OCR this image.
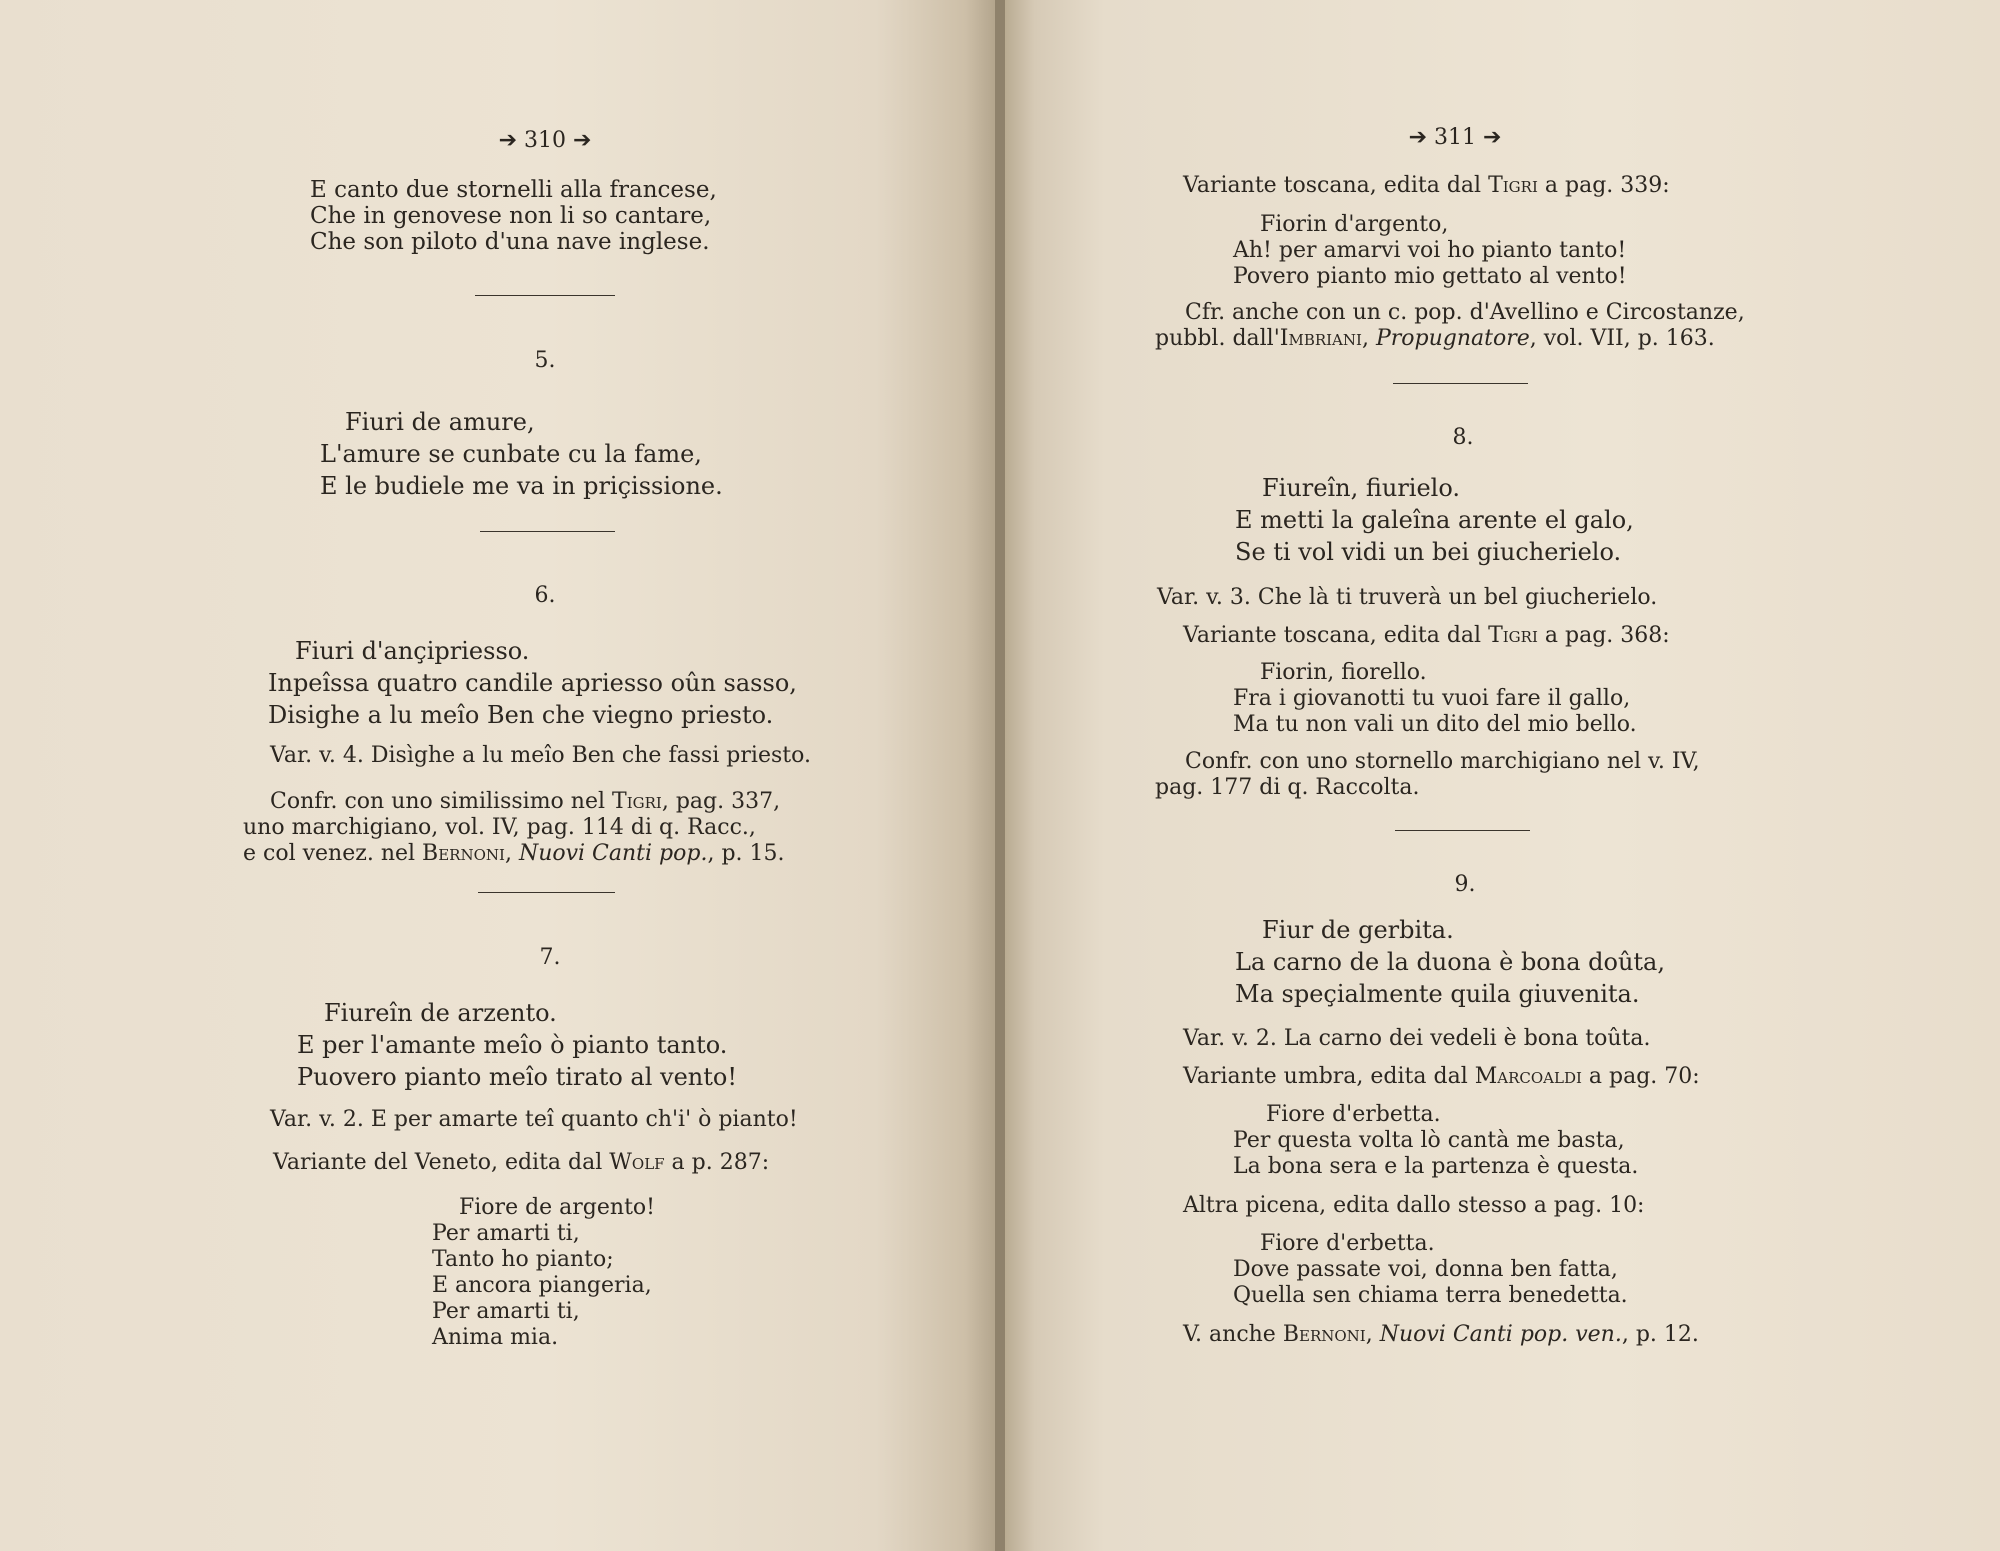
➔ 310 ➔
E canto due stornelli alla francese,
Che in genovese non li so cantare,
Che son piloto d'una nave inglese.
5.
Fiuri de amure,
L'amure se cunbate cu la fame,
E le budiele me va in priçissione.
6.
Fiuri d'ançipriesso.
Inpeîssa quatro candile apriesso oûn sasso,
Disighe a lu meîo Ben che viegno priesto.
Var. v. 4. Disìghe a lu meîo Ben che fassi priesto.
Confr. con uno similissimo nel Tigri, pag. 337,
uno marchigiano, vol. IV, pag. 114 di q. Racc.,
e col venez. nel Bernoni, Nuovi Canti pop., p. 15.
7.
Fiureîn de arzento.
E per l'amante meîo ò pianto tanto.
Puovero pianto meîo tirato al vento!
Var. v. 2. E per amarte teî quanto ch'i' ò pianto!
Variante del Veneto, edita dal Wolf a p. 287:
Fiore de argento!
Per amarti ti,
Tanto ho pianto;
E ancora piangeria,
Per amarti ti,
Anima mia.
➔ 311 ➔
Variante toscana, edita dal Tigri a pag. 339:
Fiorin d'argento,
Ah! per amarvi voi ho pianto tanto!
Povero pianto mio gettato al vento!
Cfr. anche con un c. pop. d'Avellino e Circostanze,
pubbl. dall'Imbriani, Propugnatore, vol. VII, p. 163.
8.
Fiureîn, fiurielo.
E metti la galeîna arente el galo,
Se ti vol vidi un bei giucherielo.
Var. v. 3. Che là ti truverà un bel giucherielo.
Variante toscana, edita dal Tigri a pag. 368:
Fiorin, fiorello.
Fra i giovanotti tu vuoi fare il gallo,
Ma tu non vali un dito del mio bello.
Confr. con uno stornello marchigiano nel v. IV,
pag. 177 di q. Raccolta.
9.
Fiur de gerbita.
La carno de la duona è bona doûta,
Ma speçialmente quila giuvenita.
Var. v. 2. La carno dei vedeli è bona toûta.
Variante umbra, edita dal Marcoaldi a pag. 70:
Fiore d'erbetta.
Per questa volta lò cantà me basta,
La bona sera e la partenza è questa.
Altra picena, edita dallo stesso a pag. 10:
Fiore d'erbetta.
Dove passate voi, donna ben fatta,
Quella sen chiama terra benedetta.
V. anche Bernoni, Nuovi Canti pop. ven., p. 12.
